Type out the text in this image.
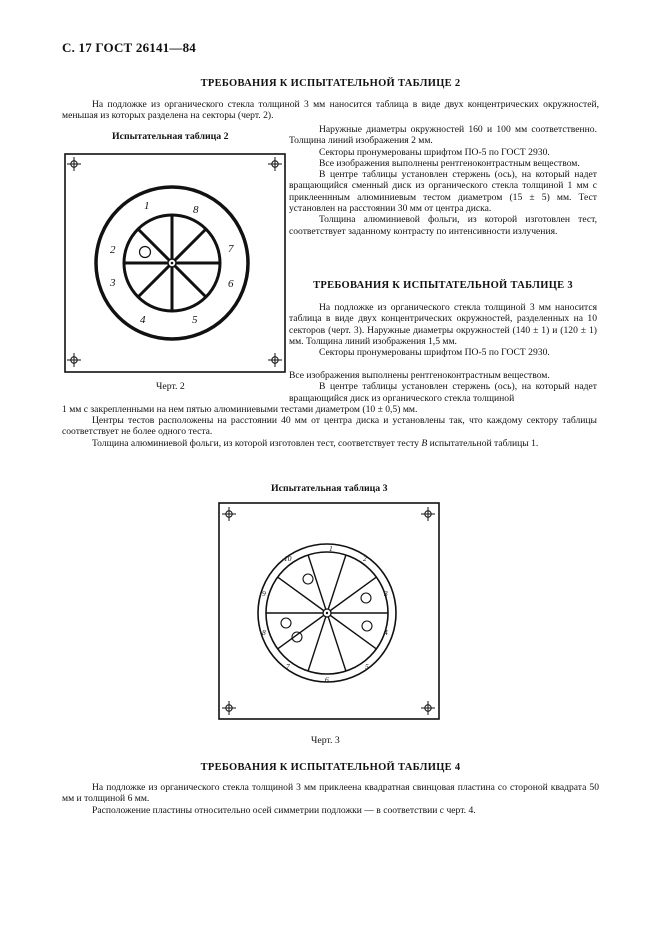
С. 17 ГОСТ 26141—84
ТРЕБОВАНИЯ К ИСПЫТАТЕЛЬНОЙ ТАБЛИЦЕ 2
На подложке из органического стекла толщиной 3 мм наносится таблица в виде двух концентрических окружностей, меньшая из которых разделена на секторы (черт. 2).
Испытательная таблица 2
Наружные диаметры окружностей 160 и 100 мм соответственно. Толщина линий изображения 2 мм.
Секторы пронумерованы шрифтом ПО-5 по ГОСТ 2930.
Все изображения выполнены рентгеноконтрастным веществом.
В центре таблицы установлен стержень (ось), на который надет вращающийся сменный диск из органического стекла толщиной 1 мм с приклееннным алюминиевым тестом диаметром (15 ± 5) мм. Тест установлен на расстоянии 30 мм от центра диска.
Толщина алюминиевой фольги, из которой изготовлен тест, соответствует заданному контрасту по интенсивности излучения.
1	8
7
6
5
4
3
2
Черт. 2
ТРЕБОВАНИЯ К ИСПЫТАТЕЛЬНОЙ ТАБЛИЦЕ 3
На подложке из органического стекла толщиной 3 мм наносится таблица в виде двух концентрических окружностей, разделенных на 10 секторов (черт. 3). Наружные диаметры окружностей (140 ± 1) и (120 ± 1) мм. Толщина линий изображения 1,5 мм.
Секторы пронумерованы шрифтом ПО-5 по ГОСТ 2930.
Все изображения выполнены рентгеноконтрастным веществом.
В центре таблицы установлен стержень (ось), на который надет вращающийся диск из органического стекла толщиной
1 мм с закрепленными на нем пятью алюминиевыми тестами диаметром (10 ± 0,5) мм.
Центры тестов расположены на расстоянии 40 мм от центра диска и установлены так, что каждому сектору таблицы соответствует не более одного теста.
Толщина алюминиевой фольги, из которой изготовлен тест, соответствует тесту B испытательной таблицы 1.
Испытательная таблица 3
1
2
3
4
5
6
7
8
9
10
Черт. 3
ТРЕБОВАНИЯ К ИСПЫТАТЕЛЬНОЙ ТАБЛИЦЕ 4
На подложке из органического стекла толщиной 3 мм приклеена квадратная свинцовая пластина со стороной квадрата 50 мм и толщиной 6 мм.
Расположение пластины относительно осей симметрии подложки — в соответствии с черт. 4.
